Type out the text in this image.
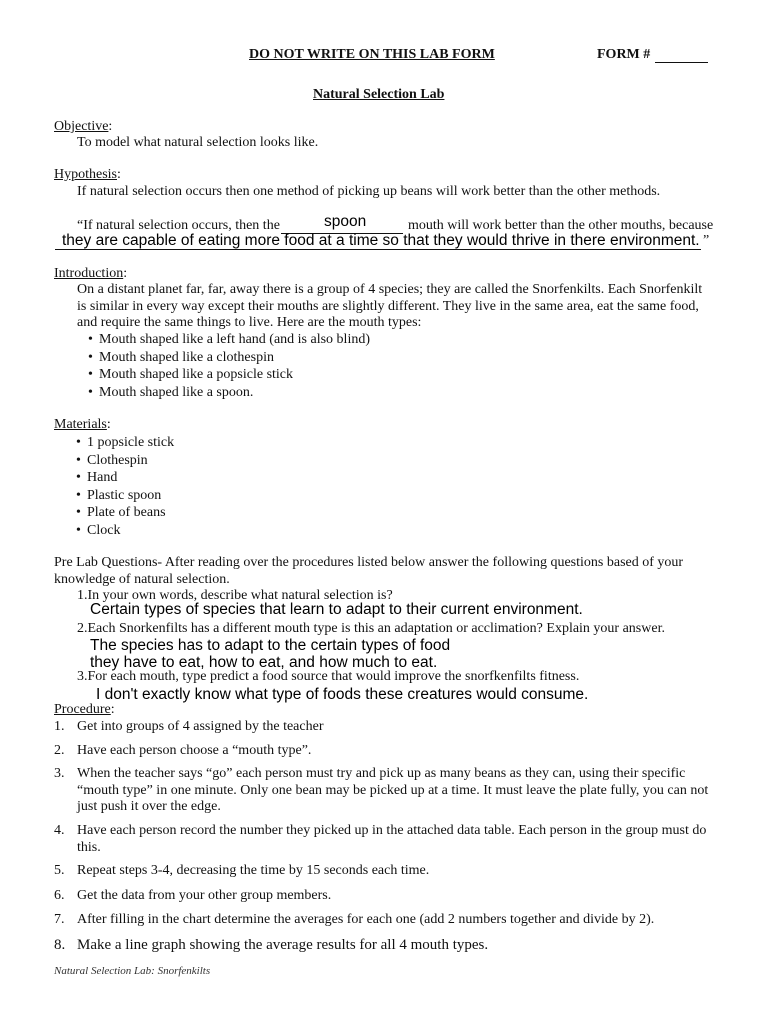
DO NOT WRITE ON THIS LAB FORM	FORM #
Natural Selection Lab
Objective:
To model what natural selection looks like.
Hypothesis:
If natural selection occurs then one method of picking up beans will work better than the other methods.
“If natural selection occurs, then the	spoon	mouth will work better than the other mouths, because
they are capable of eating more food at a time so that they would thrive in there environment. ”
Introduction:
On a distant planet far, far, away there is a group of 4 species; they are called the Snorfenkilts. Each Snorfenkilt is similar in every way except their mouths are slightly different. They live in the same area, eat the same food, and require the same things to live. Here are the mouth types:
• Mouth shaped like a left hand (and is also blind)
• Mouth shaped like a clothespin
• Mouth shaped like a popsicle stick
• Mouth shaped like a spoon.
Materials:
• 1 popsicle stick
• Clothespin
• Hand
• Plastic spoon
• Plate of beans
• Clock
Pre Lab Questions- After reading over the procedures listed below answer the following questions based of your knowledge of natural selection.
1.In your own words, describe what natural selection is?
Certain types of species that learn to adapt to their current environment.
2.Each Snorkenfilts has a different mouth type is this an adaptation or acclimation? Explain your answer.
The species has to adapt to the certain types of food
they have to eat, how to eat, and how much to eat.
3.For each mouth, type predict a food source that would improve the snorfkenfilts fitness.
I don't exactly know what type of foods these creatures would consume.
Procedure:
1. Get into groups of 4 assigned by the teacher
2. Have each person choose a “mouth type”.
3. When the teacher says “go” each person must try and pick up as many beans as they can, using their specific “mouth type” in one minute. Only one bean may be picked up at a time. It must leave the plate fully, you can not just push it over the edge.
4. Have each person record the number they picked up in the attached data table. Each person in the group must do this.
5. Repeat steps 3-4, decreasing the time by 15 seconds each time.
6. Get the data from your other group members.
7. After filling in the chart determine the averages for each one (add 2 numbers together and divide by 2).
8. Make a line graph showing the average results for all 4 mouth types.
Natural Selection Lab: Snorfenkilts
